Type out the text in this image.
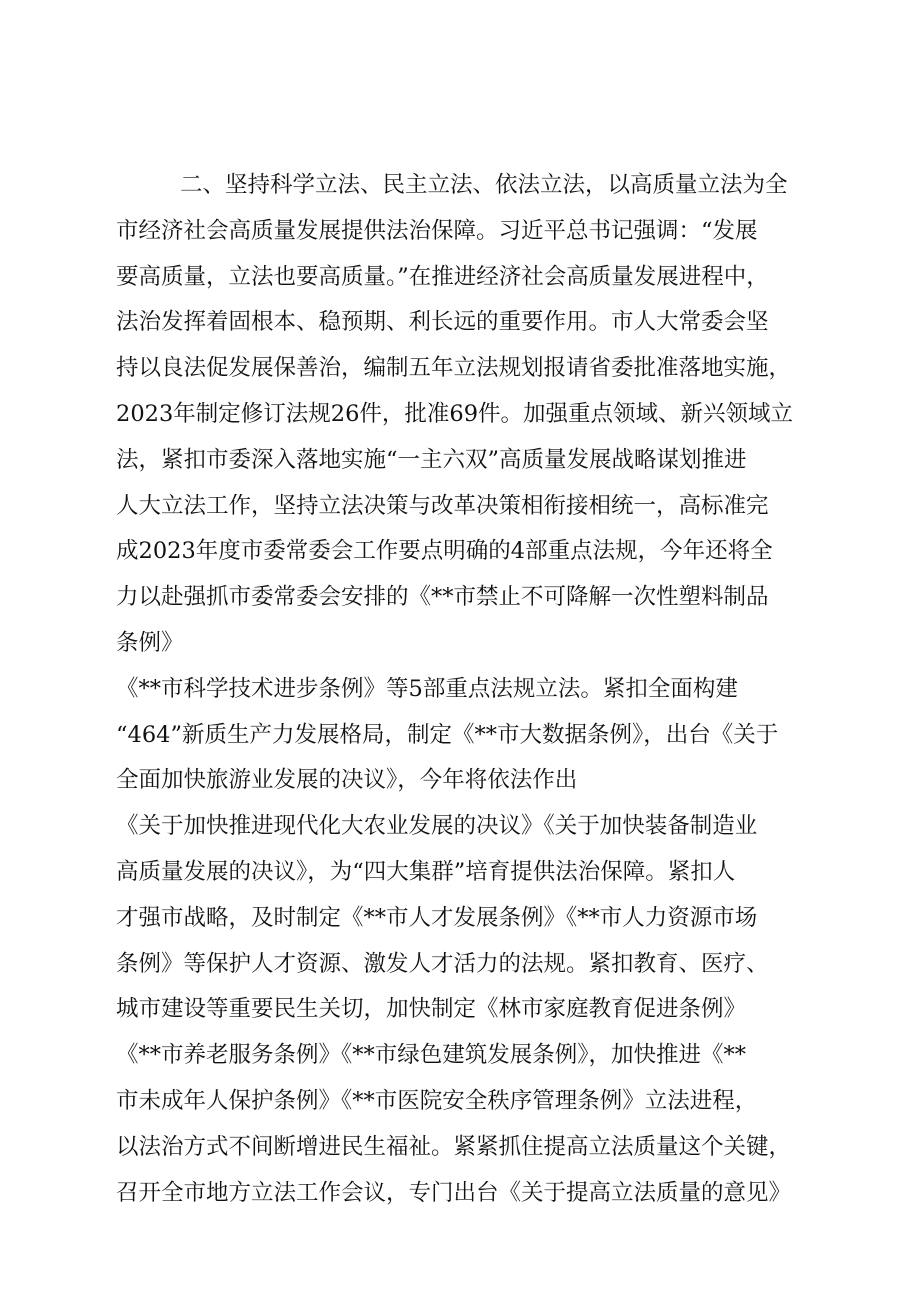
二、坚持科学立法、民主立法、依法立法，以高质量立法为全
市经济社会高质量发展提供法治保障。习近平总书记强调：“发展
要高质量，立法也要高质量。”在推进经济社会高质量发展进程中，
法治发挥着固根本、稳预期、利长远的重要作用。市人大常委会坚
持以良法促发展保善治，编制五年立法规划报请省委批准落地实施，
2023年制定修订法规26件，批准69件。加强重点领域、新兴领域立
法，紧扣市委深入落地实施“一主六双”高质量发展战略谋划推进
人大立法工作，坚持立法决策与改革决策相衔接相统一，高标准完
成2023年度市委常委会工作要点明确的4部重点法规，今年还将全
力以赴强抓市委常委会安排的《**市禁止不可降解一次性塑料制品
条例》
《**市科学技术进步条例》等5部重点法规立法。紧扣全面构建
“464”新质生产力发展格局，制定《**市大数据条例》，出台《关于
全面加快旅游业发展的决议》，今年将依法作出
《关于加快推进现代化大农业发展的决议》《关于加快装备制造业
高质量发展的决议》，为“四大集群”培育提供法治保障。紧扣人
才强市战略，及时制定《**市人才发展条例》《**市人力资源市场
条例》等保护人才资源、激发人才活力的法规。紧扣教育、医疗、
城市建设等重要民生关切，加快制定《林市家庭教育促进条例》
《**市养老服务条例》《**市绿色建筑发展条例》，加快推进《**
市未成年人保护条例》《**市医院安全秩序管理条例》立法进程，
以法治方式不间断增进民生福祉。紧紧抓住提高立法质量这个关键，
召开全市地方立法工作会议，专门出台《关于提高立法质量的意见》
